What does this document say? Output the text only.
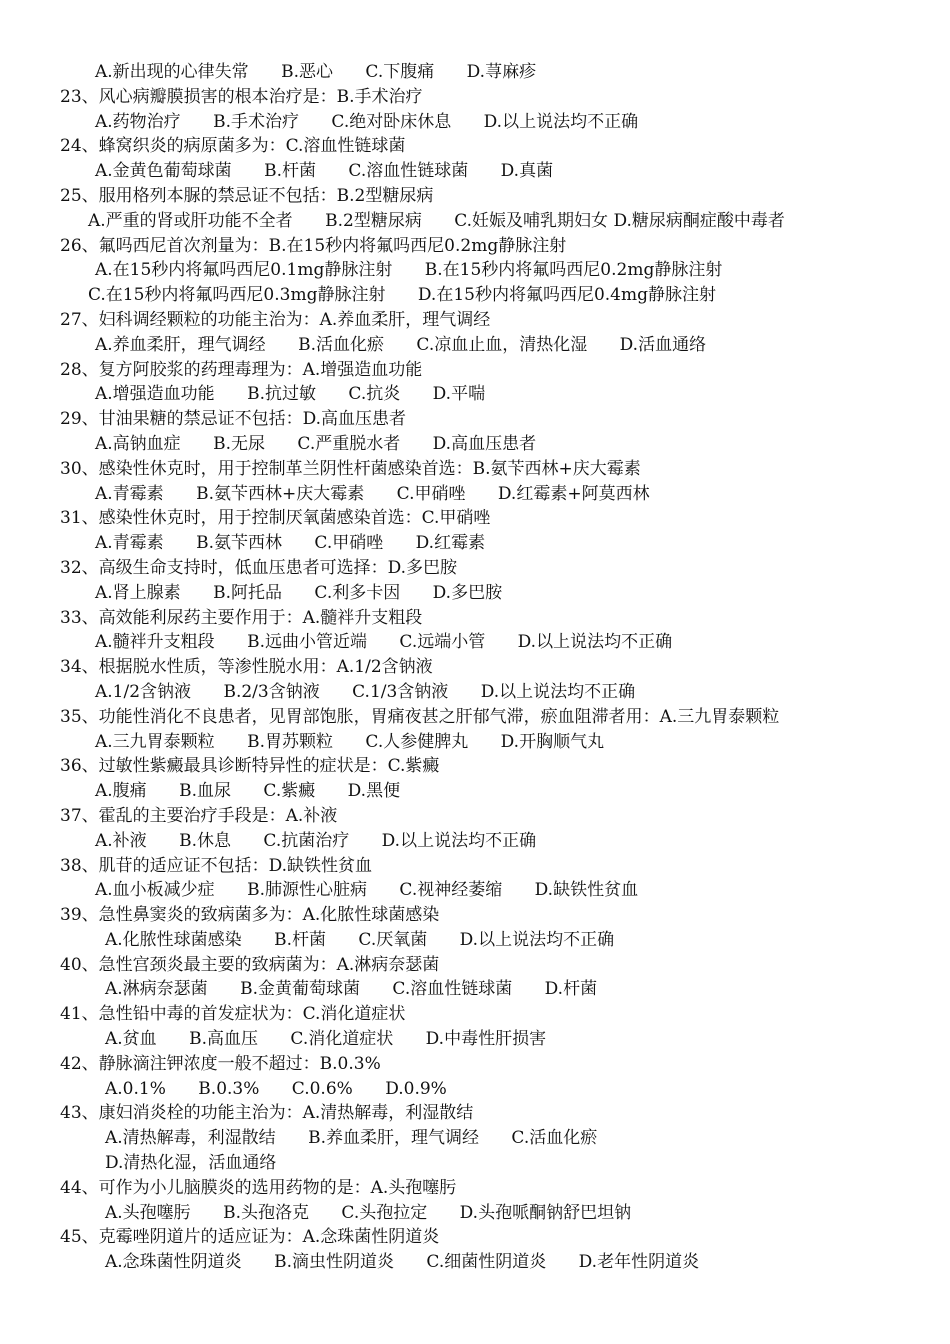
A.新出现的心律失常      B.恶心      C.下腹痛      D.荨麻疹
23、风心病瓣膜损害的根本治疗是：B.手术治疗
A.药物治疗      B.手术治疗      C.绝对卧床休息      D.以上说法均不正确
24、蜂窝织炎的病原菌多为：C.溶血性链球菌
A.金黄色葡萄球菌      B.杆菌      C.溶血性链球菌      D.真菌
25、服用格列本脲的禁忌证不包括：B.2型糖尿病
A.严重的肾或肝功能不全者      B.2型糖尿病      C.妊娠及哺乳期妇女 D.糖尿病酮症酸中毒者
26、氟吗西尼首次剂量为：B.在15秒内将氟吗西尼0.2mg静脉注射
A.在15秒内将氟吗西尼0.1mg静脉注射      B.在15秒内将氟吗西尼0.2mg静脉注射
C.在15秒内将氟吗西尼0.3mg静脉注射      D.在15秒内将氟吗西尼0.4mg静脉注射
27、妇科调经颗粒的功能主治为：A.养血柔肝，理气调经
A.养血柔肝，理气调经      B.活血化瘀      C.凉血止血，清热化湿      D.活血通络
28、复方阿胶浆的药理毒理为：A.增强造血功能
A.增强造血功能      B.抗过敏      C.抗炎      D.平喘
29、甘油果糖的禁忌证不包括：D.高血压患者
A.高钠血症      B.无尿      C.严重脱水者      D.高血压患者
30、感染性休克时，用于控制革兰阴性杆菌感染首选：B.氨苄西林+庆大霉素
A.青霉素      B.氨苄西林+庆大霉素      C.甲硝唑      D.红霉素+阿莫西林
31、感染性休克时，用于控制厌氧菌感染首选：C.甲硝唑
A.青霉素      B.氨苄西林      C.甲硝唑      D.红霉素
32、高级生命支持时，低血压患者可选择：D.多巴胺
A.肾上腺素      B.阿托品      C.利多卡因      D.多巴胺
33、高效能利尿药主要作用于：A.髓袢升支粗段
A.髓袢升支粗段      B.远曲小管近端      C.远端小管      D.以上说法均不正确
34、根据脱水性质，等渗性脱水用：A.1/2含钠液
A.1/2含钠液      B.2/3含钠液      C.1/3含钠液      D.以上说法均不正确
35、功能性消化不良患者，见胃部饱胀，胃痛夜甚之肝郁气滞，瘀血阻滞者用：A.三九胃泰颗粒
A.三九胃泰颗粒      B.胃苏颗粒      C.人参健脾丸      D.开胸顺气丸
36、过敏性紫癜最具诊断特异性的症状是：C.紫癜
A.腹痛      B.血尿      C.紫癜      D.黑便
37、霍乱的主要治疗手段是：A.补液
A.补液      B.休息      C.抗菌治疗      D.以上说法均不正确
38、肌苷的适应证不包括：D.缺铁性贫血
A.血小板减少症      B.肺源性心脏病      C.视神经萎缩      D.缺铁性贫血
39、急性鼻窦炎的致病菌多为：A.化脓性球菌感染
A.化脓性球菌感染      B.杆菌      C.厌氧菌      D.以上说法均不正确
40、急性宫颈炎最主要的致病菌为：A.淋病奈瑟菌
A.淋病奈瑟菌      B.金黄葡萄球菌      C.溶血性链球菌      D.杆菌
41、急性铅中毒的首发症状为：C.消化道症状
A.贫血      B.高血压      C.消化道症状      D.中毒性肝损害
42、静脉滴注钾浓度一般不超过：B.0.3%
A.0.1%      B.0.3%      C.0.6%      D.0.9%
43、康妇消炎栓的功能主治为：A.清热解毒，利湿散结
A.清热解毒，利湿散结      B.养血柔肝，理气调经      C.活血化瘀
D.清热化湿，活血通络
44、可作为小儿脑膜炎的选用药物的是：A.头孢噻肟
A.头孢噻肟      B.头孢洛克      C.头孢拉定      D.头孢哌酮钠舒巴坦钠
45、克霉唑阴道片的适应证为：A.念珠菌性阴道炎
A.念珠菌性阴道炎      B.滴虫性阴道炎      C.细菌性阴道炎      D.老年性阴道炎
